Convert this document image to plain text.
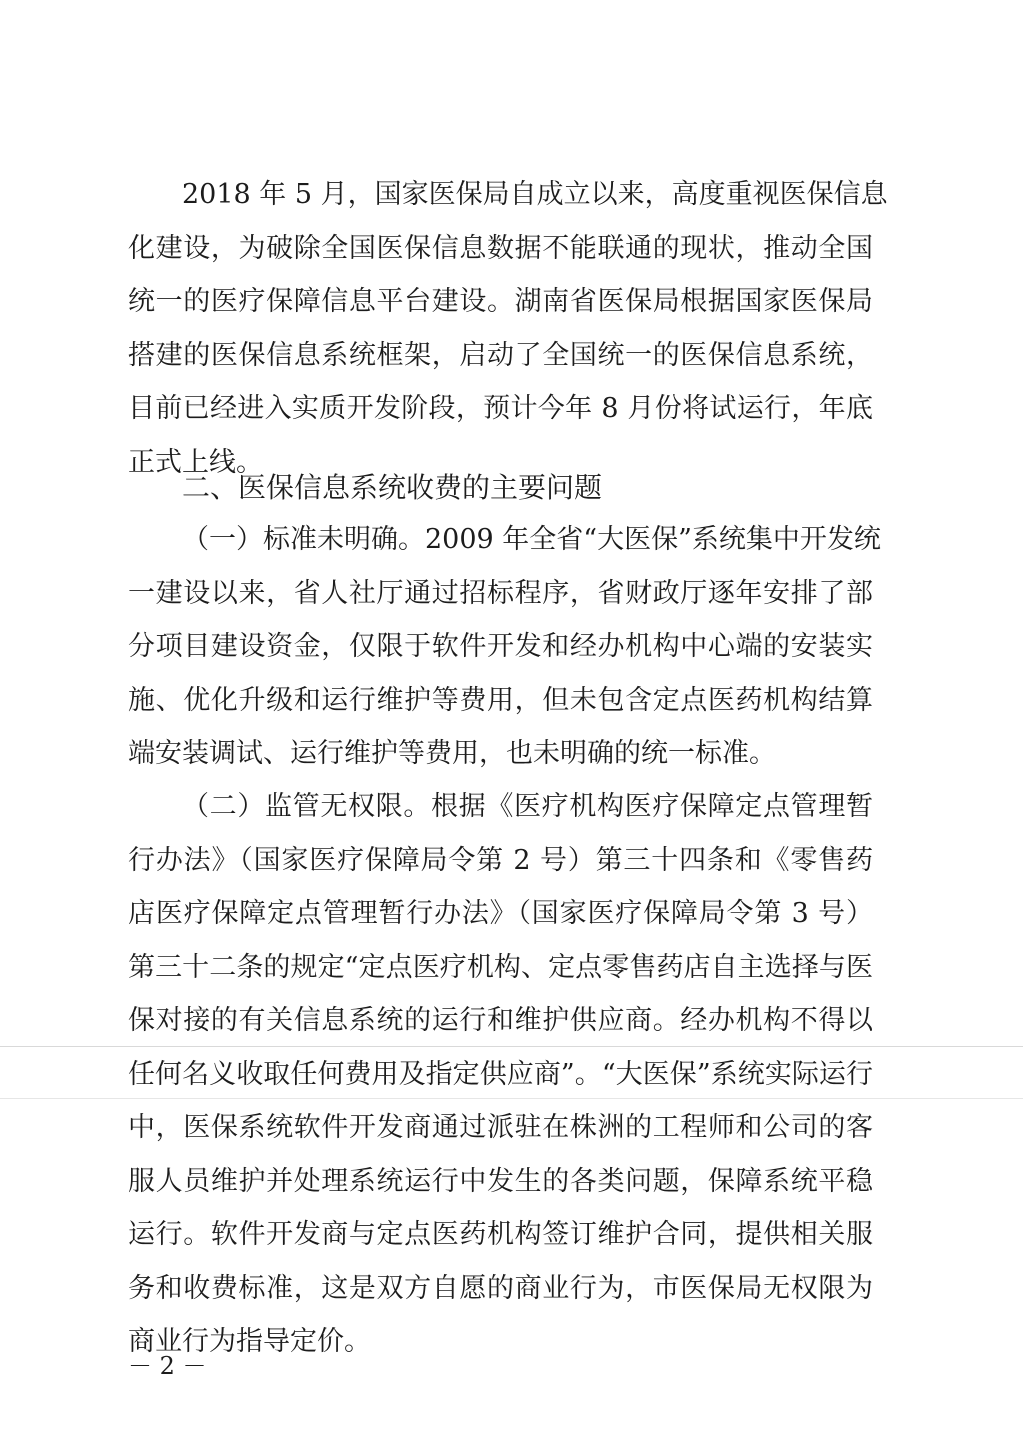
2018 年 5 月，国家医保局自成立以来，高度重视医保信息
化建设，为破除全国医保信息数据不能联通的现状，推动全国
统一的医疗保障信息平台建设。湖南省医保局根据国家医保局
搭建的医保信息系统框架，启动了全国统一的医保信息系统，
目前已经进入实质开发阶段，预计今年 8 月份将试运行，年底
正式上线。
二、医保信息系统收费的主要问题
（一）标准未明确。2009 年全省“大医保”系统集中开发统
一建设以来，省人社厅通过招标程序，省财政厅逐年安排了部
分项目建设资金，仅限于软件开发和经办机构中心端的安装实
施、优化升级和运行维护等费用，但未包含定点医药机构结算
端安装调试、运行维护等费用，也未明确的统一标准。
（二）监管无权限。根据《医疗机构医疗保障定点管理暂
行办法》（国家医疗保障局令第 2 号）第三十四条和《零售药
店医疗保障定点管理暂行办法》（国家医疗保障局令第 3 号）
第三十二条的规定“定点医疗机构、定点零售药店自主选择与医
保对接的有关信息系统的运行和维护供应商。经办机构不得以
任何名义收取任何费用及指定供应商”。“大医保”系统实际运行
中，医保系统软件开发商通过派驻在株洲的工程师和公司的客
服人员维护并处理系统运行中发生的各类问题，保障系统平稳
运行。软件开发商与定点医药机构签订维护合同，提供相关服
务和收费标准，这是双方自愿的商业行为，市医保局无权限为
商业行为指导定价。
－ 2 －
